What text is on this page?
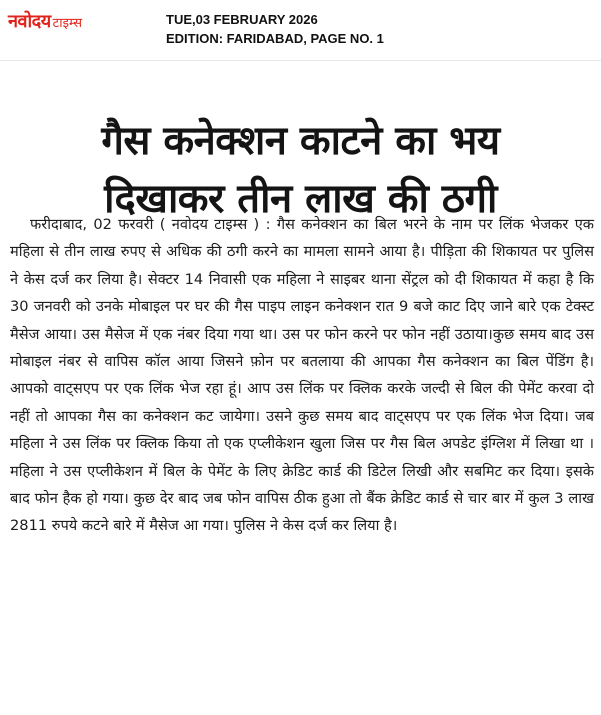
नवोदय टाइम्स	TUE,03 FEBRUARY 2026
EDITION: FARIDABAD, PAGE NO. 1
गैस कनेक्शन काटने का भय
दिखाकर तीन लाख की ठगी

फरीदाबाद, 02 फरवरी ( नवोदय टाइम्स ) : गैस कनेक्शन का बिल भरने के नाम पर लिंक भेजकर एक महिला से तीन लाख रुपए से अधिक की ठगी करने का मामला सामने आया है। पीड़िता की शिकायत पर पुलिस ने केस दर्ज कर लिया है। सेक्टर 14 निवासी एक महिला ने साइबर थाना सेंट्रल को दी शिकायत में कहा है कि 30 जनवरी को उनके मोबाइल पर घर की गैस पाइप लाइन कनेक्शन रात 9 बजे काट दिए जाने बारे एक टेक्स्ट मैसेज आया। उस मैसेज में एक नंबर दिया गया था। उस पर फोन करने पर फोन नहीं उठाया।कुछ समय बाद उस मोबाइल नंबर से वापिस कॉल आया जिसने फ़ोन पर बतलाया की आपका गैस कनेक्शन का बिल पेंडिंग है। आपको वाट्सएप पर एक लिंक भेज रहा हूं। आप उस लिंक पर क्लिक करके जल्दी से बिल की पेमेंट करवा दो नहीं तो आपका गैस का कनेक्शन कट जायेगा। उसने कुछ समय बाद वाट्सएप पर एक लिंक भेज दिया। जब महिला ने उस लिंक पर क्लिक किया तो एक एप्लीकेशन खुला जिस पर गैस बिल अपडेट इंग्लिश में लिखा था । महिला ने उस एप्लीकेशन में बिल के पेमेंट के लिए क्रेडिट कार्ड की डिटेल लिखी और सबमिट कर दिया। इसके बाद फोन हैक हो गया। कुछ देर बाद जब फोन वापिस ठीक हुआ तो बैंक क्रेडिट कार्ड से चार बार में कुल 3 लाख 2811 रुपये कटने बारे में मैसेज आ गया। पुलिस ने केस दर्ज कर लिया है।
